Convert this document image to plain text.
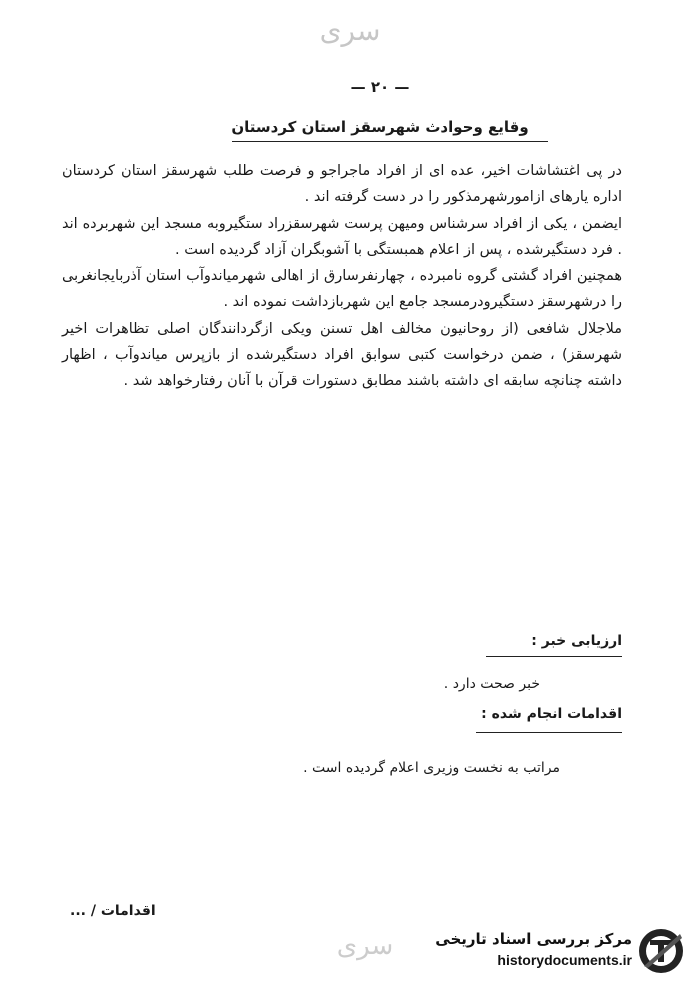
سری
— ۲۰ —
وقایع وحوادث شهرسقز استان کردستان

در پی اغتشاشات اخیر، عده ای از افراد ماجراجو و فرصت طلب شهرسقز استان کردستان اداره یارهای ازامورشهرمذکور را در دست گرفته اند .

ایضمن ، یکی از افراد سرشناس ومیهن پرست شهرسقزراد ستگیروبه مسجد این شهربرده اند . فرد دستگیرشده ، پس از اعلام همبستگی با آشوبگران آزاد گردیده است .

همچنین افراد گشتی گروه نامبرده ، چهارنفرسارق از اهالی شهرمیاندوآب استان آذربایجانغربی را درشهرسقز دستگیرودرمسجد جامع این شهربازداشت نموده اند .

ملاجلال شافعی (از روحانیون مخالف اهل تسنن ویکی ازگردانندگان اصلی تظاهرات اخیر شهرسقز) ، ضمن درخواست کتبی سوابق افراد دستگیرشده از بازپرس میاندوآب ، اظهار داشته چنانچه سابقه ای داشته باشند مطابق دستورات قرآن با آنان رفتارخواهد شد .

ارزیابی خبر :
خبر صحت دارد .
اقدامات انجام شده :
مراتب به نخست وزیری اعلام گردیده است .
اقدامات / ...
سری	مرکز بررسی اسناد تاریخی
historydocuments.ir
